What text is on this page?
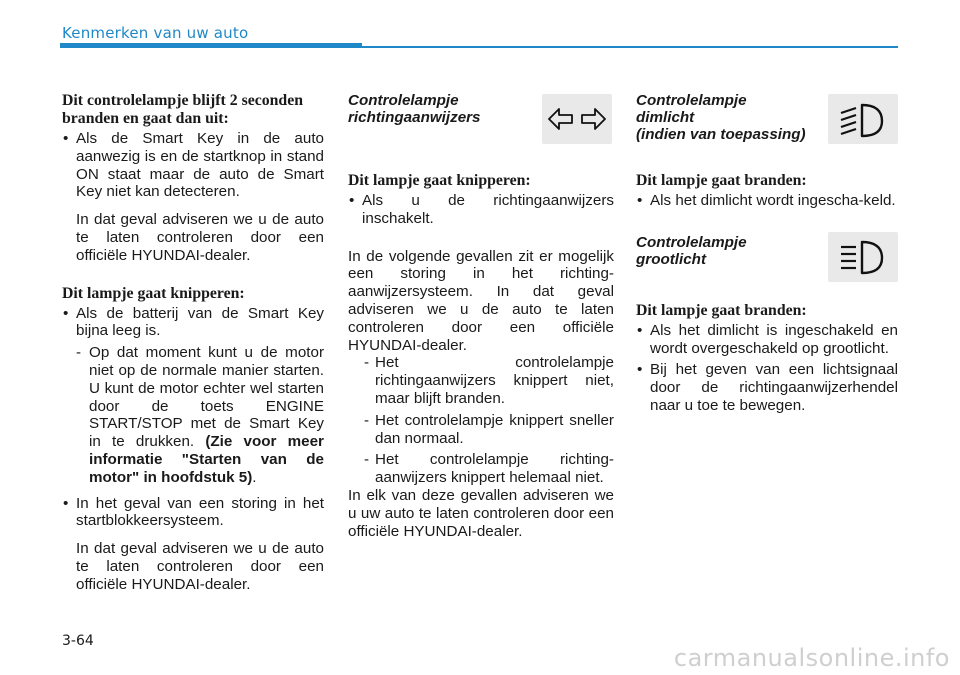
Kenmerken van uw auto

Dit controlelampje blijft 2 seconden branden en gaat dan uit:

• Als de Smart Key in de auto aanwezig is en de startknop in stand ON staat maar de auto de Smart Key niet kan detecteren.

In dat geval adviseren we u de auto te laten controleren door een officiële HYUNDAI-dealer.

Dit lampje gaat knipperen:

• Als de batterij van de Smart Key bijna leeg is.

- Op dat moment kunt u de motor niet op de normale manier starten. U kunt de motor echter wel starten door de toets ENGINE START/STOP met de Smart Key in te drukken. (Zie voor meer informatie "Starten van de motor" in hoofdstuk 5).

• In het geval van een storing in het startblokkeersysteem.

In dat geval adviseren we u de auto te laten controleren door een officiële HYUNDAI-dealer.

Controlelampje
richtingaanwijzers

Dit lampje gaat knipperen:

• Als u de richtingaanwijzers inschakelt.

In de volgende gevallen zit er mogelijk een storing in het richting-aanwijzersysteem. In dat geval adviseren we u de auto te laten controleren door een officiële HYUNDAI-dealer.

- Het controlelampje richtingaanwijzers knippert niet, maar blijft branden.

- Het controlelampje knippert sneller dan normaal.

- Het controlelampje richting-aanwijzers knippert helemaal niet.

In elk van deze gevallen adviseren we u uw auto te laten controleren door een officiële HYUNDAI-dealer.

Controlelampje
dimlicht
(indien van toepassing)

Dit lampje gaat branden:

• Als het dimlicht wordt ingescha-keld.

Controlelampje
grootlicht

Dit lampje gaat branden:

• Als het dimlicht is ingeschakeld en wordt overgeschakeld op grootlicht.

• Bij het geven van een lichtsignaal door de richtingaanwijzerhendel naar u toe te bewegen.

3-64
carmanualsonline.info
